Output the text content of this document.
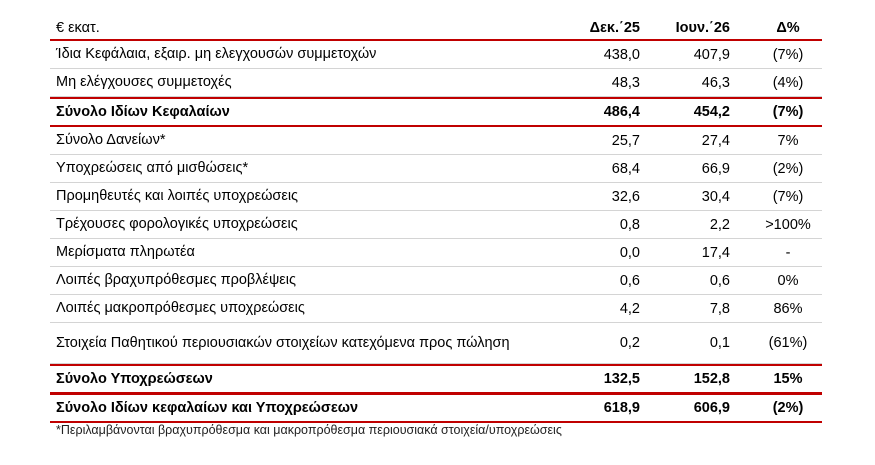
€ εκατ.	Δεκ.΄25	Ιουν.΄26	Δ%
Ίδια Κεφάλαια, εξαιρ. μη ελεγχουσών συμμετοχών	438,0	407,9	(7%)
Μη ελέγχουσες συμμετοχές	48,3	46,3	(4%)
Σύνολο Ιδίων Κεφαλαίων	486,4	454,2	(7%)
Σύνολο Δανείων*	25,7	27,4	7%
Υποχρεώσεις από μισθώσεις*	68,4	66,9	(2%)
Προμηθευτές και λοιπές υποχρεώσεις	32,6	30,4	(7%)
Τρέχουσες φορολογικές υποχρεώσεις	0,8	2,2	>100%
Μερίσματα πληρωτέα	0,0	17,4	-
Λοιπές βραχυπρόθεσμες προβλέψεις	0,6	0,6	0%
Λοιπές μακροπρόθεσμες υποχρεώσεις	4,2	7,8	86%
Στοιχεία Παθητικού περιουσιακών στοιχείων κατεχόμενα προς πώληση	0,2	0,1	(61%)
Σύνολο Υποχρεώσεων	132,5	152,8	15%
Σύνολο Ιδίων κεφαλαίων και Υποχρεώσεων	618,9	606,9	(2%)
*Περιλαμβάνονται βραχυπρόθεσμα και μακροπρόθεσμα περιουσιακά στοιχεία/υποχρεώσεις
